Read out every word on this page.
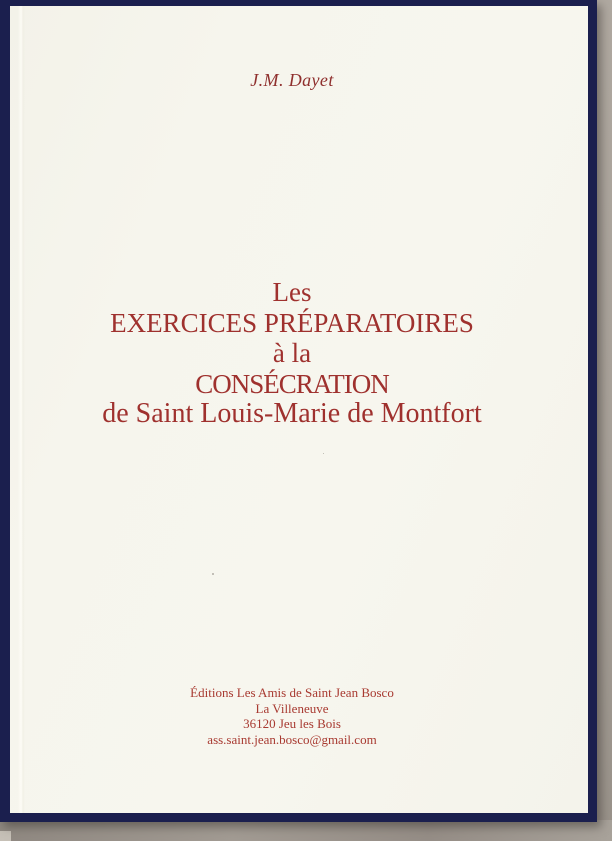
J.M. Dayet
Les
EXERCICES PRÉPARATOIRES
à la
CONSÉCRATION
de Saint Louis-Marie de Montfort
Éditions Les Amis de Saint Jean Bosco
La Villeneuve
36120 Jeu les Bois
ass.saint.jean.bosco@gmail.com
